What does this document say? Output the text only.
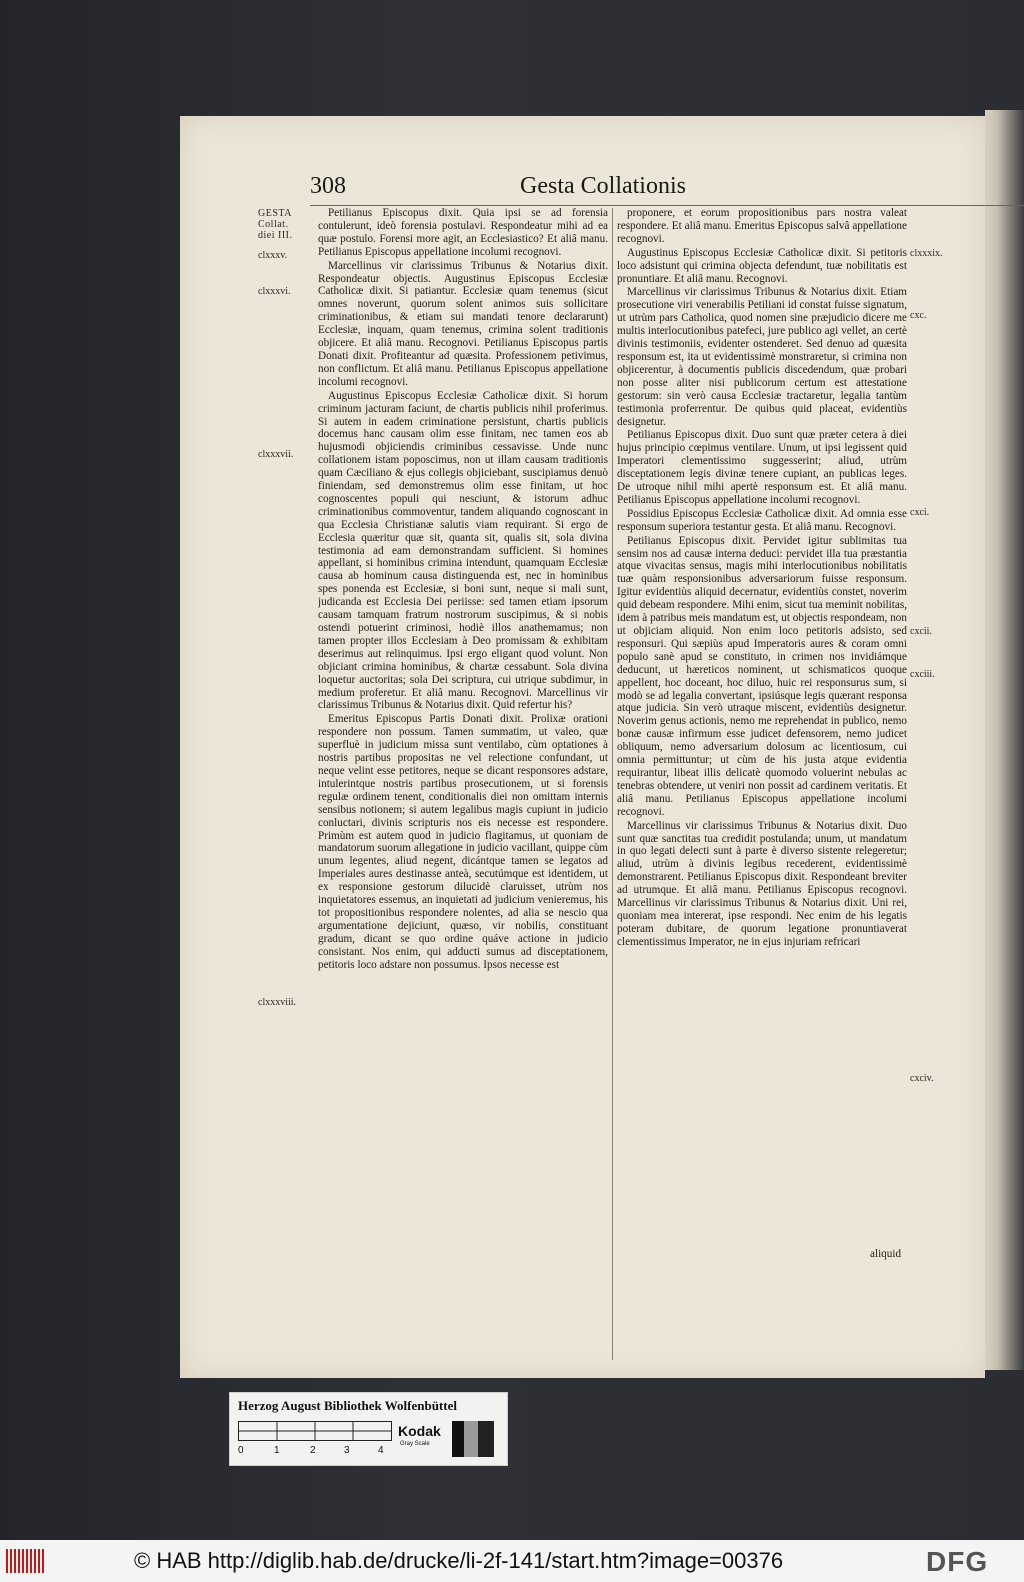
308	Gesta Collationis
GESTA
Collat.
diei III.
clxxxv.
clxxxvi.
clxxxvii.
clxxxviii.

Petilianus Episcopus dixit. Quia ipsi se ad forensia contulerunt, ideò forensia postulavi. Respondeatur mihi ad ea quæ postulo. Forensi more agit, an Ecclesiastico? Et aliâ manu. Petilianus Episcopus appellatione incolumi recognovi.

Marcellinus vir clarissimus Tribunus & Notarius dixit. Respondeatur objectis. Augustinus Episcopus Ecclesiæ Catholicæ dixit. Si patiantur. Ecclesiæ quam tenemus (sicut omnes noverunt, quorum solent animos suis sollicitare criminationibus, & etiam sui mandati tenore declararunt) Ecclesiæ, inquam, quam tenemus, crimina solent traditionis objicere. Et aliâ manu. Recognovi. Petilianus Episcopus partis Donati dixit. Profiteantur ad quæsita. Professionem petivimus, non conflictum. Et aliâ manu. Petilianus Episcopus appellatione incolumi recognovi.

Augustinus Episcopus Ecclesiæ Catholicæ dixit. Si horum criminum jacturam faciunt, de chartis publicis nihil proferimus. Si autem in eadem criminatione persistunt, chartis publicis docemus hanc causam olim esse finitam, nec tamen eos ab hujusmodi objiciendis criminibus cessavisse. Unde nunc collationem istam poposcimus, non ut illam causam traditionis quam Cæciliano & ejus collegis objiciebant, suscipiamus denuò finiendam, sed demonstremus olim esse finitam, ut hoc cognoscentes populi qui nesciunt, & istorum adhuc criminationibus commoventur, tandem aliquando cognoscant in qua Ecclesia Christianæ salutis viam requirant. Si ergo de Ecclesia quæritur quæ sit, quanta sit, qualis sit, sola divina testimonia ad eam demonstrandam sufficient. Si homines appellant, si hominibus crimina intendunt, quamquam Ecclesiæ causa ab hominum causa distinguenda est, nec in hominibus spes ponenda est Ecclesiæ, si boni sunt, neque si mali sunt, judicanda est Ecclesia Dei periisse: sed tamen etiam ipsorum causam tamquam fratrum nostrorum suscipimus, & si nobis ostendi potuerint criminosi, hodiè illos anathemamus; non tamen propter illos Ecclesiam à Deo promissam & exhibitam deserimus aut relinquimus. Ipsi ergo eligant quod volunt. Non objiciant crimina hominibus, & chartæ cessabunt. Sola divina loquetur auctoritas; sola Dei scriptura, cui utrique subdimur, in medium proferetur. Et aliâ manu. Recognovi. Marcellinus vir clarissimus Tribunus & Notarius dixit. Quid refertur his?

Emeritus Episcopus Partis Donati dixit. Prolixæ orationi respondere non possum. Tamen summatim, ut valeo, quæ superfluè in judicium missa sunt ventilabo, cùm optationes à nostris partibus propositas ne vel relectione confundant, ut neque velint esse petitores, neque se dicant responsores adstare, intulerintque nostris partibus prosecutionem, ut si forensis regulæ ordinem tenent, conditionalis diei non omittam internis sensibus notionem; si autem legalibus magis cupiunt in judicio conluctari, divinis scripturis nos eis necesse est respondere. Primùm est autem quod in judicio flagitamus, ut quoniam de mandatorum suorum allegatione in judicio vacillant, quippe cùm unum legentes, aliud negent, dicántque tamen se legatos ad Imperiales aures destinasse anteà, secutúmque est identidem, ut ex responsione gestorum dilucidè claruisset, utrùm nos inquietatores essemus, an inquietati ad judicium venieremus, his tot propositionibus respondere nolentes, ad alia se nescio qua argumentatione dejiciunt, quæso, vir nobilis, constituant gradum, dicant se quo ordine quáve actione in judicio consistant. Nos enim, qui adducti sumus ad disceptationem, petitoris loco adstare non possumus. Ipsos necesse est

proponere, et eorum propositionibus pars nostra valeat respondere. Et aliâ manu. Emeritus Episcopus salvâ appellatione recognovi.

Augustinus Episcopus Ecclesiæ Catholicæ dixit. Si petitoris loco adsistunt qui crimina objecta defendunt, tuæ nobilitatis est pronuntiare. Et aliâ manu. Recognovi.

Marcellinus vir clarissimus Tribunus & Notarius dixit. Etiam prosecutione viri venerabilis Petiliani id constat fuisse signatum, ut utrùm pars Catholica, quod nomen sine præjudicio dicere me multis interlocutionibus patefeci, jure publico agi vellet, an certè divinis testimoniis, evidenter ostenderet. Sed denuo ad quæsita responsum est, ita ut evidentissimè monstraretur, si crimina non objicerentur, à documentis publicis discedendum, quæ probari non posse aliter nisi publicorum certum est attestatione gestorum: sin verò causa Ecclesiæ tractaretur, legalia tantùm testimonia proferrentur. De quibus quid placeat, evidentiùs designetur.

Petilianus Episcopus dixit. Duo sunt quæ præter cetera à diei hujus principio cœpimus ventilare. Unum, ut ipsi legissent quid Imperatori clementissimo suggesserint; aliud, utrùm disceptationem legis divinæ tenere cupiant, an publicas leges. De utroque nihil mihi apertè responsum est. Et aliâ manu. Petilianus Episcopus appellatione incolumi recognovi.

Possidius Episcopus Ecclesiæ Catholicæ dixit. Ad omnia esse responsum superiora testantur gesta. Et aliâ manu. Recognovi.

Petilianus Episcopus dixit. Pervidet igitur sublimitas tua sensim nos ad causæ interna deduci: pervidet illa tua præstantia atque vivacitas sensus, magis mihi interlocutionibus nobilitatis tuæ quàm responsionibus adversariorum fuisse responsum. Igitur evidentiùs aliquid decernatur, evidentiùs constet, noverim quid debeam respondere. Mihi enim, sicut tua meminit nobilitas, idem à patribus meis mandatum est, ut objectis respondeam, non ut objiciam aliquid. Non enim loco petitoris adsisto, sed responsuri. Qui sæpiùs apud Imperatoris aures & coram omni populo sanè apud se constituto, in crimen nos invidiámque deducunt, ut hæreticos nominent, ut schismaticos quoque appellent, hoc doceant, hoc diluo, huic rei responsurus sum, si modò se ad legalia convertant, ipsiúsque legis quærant responsa atque judicia. Sin verò utraque miscent, evidentiùs designetur. Noverim genus actionis, nemo me reprehendat in publico, nemo bonæ causæ infirmum esse judicet defensorem, nemo judicet obliquum, nemo adversarium dolosum ac licentiosum, cui omnia permittuntur; ut cùm de his justa atque evidentia requirantur, libeat illis delicatè quomodo voluerint nebulas ac tenebras obtendere, ut veniri non possit ad cardinem veritatis. Et aliâ manu. Petilianus Episcopus appellatione incolumi recognovi.

Marcellinus vir clarissimus Tribunus & Notarius dixit. Duo sunt quæ sanctitas tua credidit postulanda; unum, ut mandatum in quo legati delecti sunt à parte è diverso sistente relegeretur; aliud, utrùm à divinis legibus recederent, evidentissimè demonstrarent. Petilianus Episcopus dixit. Respondeant breviter ad utrumque. Et aliâ manu. Petilianus Episcopus recognovi. Marcellinus vir clarissimus Tribunus & Notarius dixit. Uni rei, quoniam mea intererat, ipse respondi. Nec enim de his legatis poteram dubitare, de quorum legatione pronuntiaverat clementissimus Imperator, ne in ejus injuriam refricari

clxxxix.
cxc.
cxci.
cxcii.
cxciii.
cxciv.
aliquid
Herzog August Bibliothek Wolfenbüttel
0	1	2	3	4
Kodak
Gray Scale
© HAB http://diglib.hab.de/drucke/li-2f-141/start.htm?image=00376	DFG
